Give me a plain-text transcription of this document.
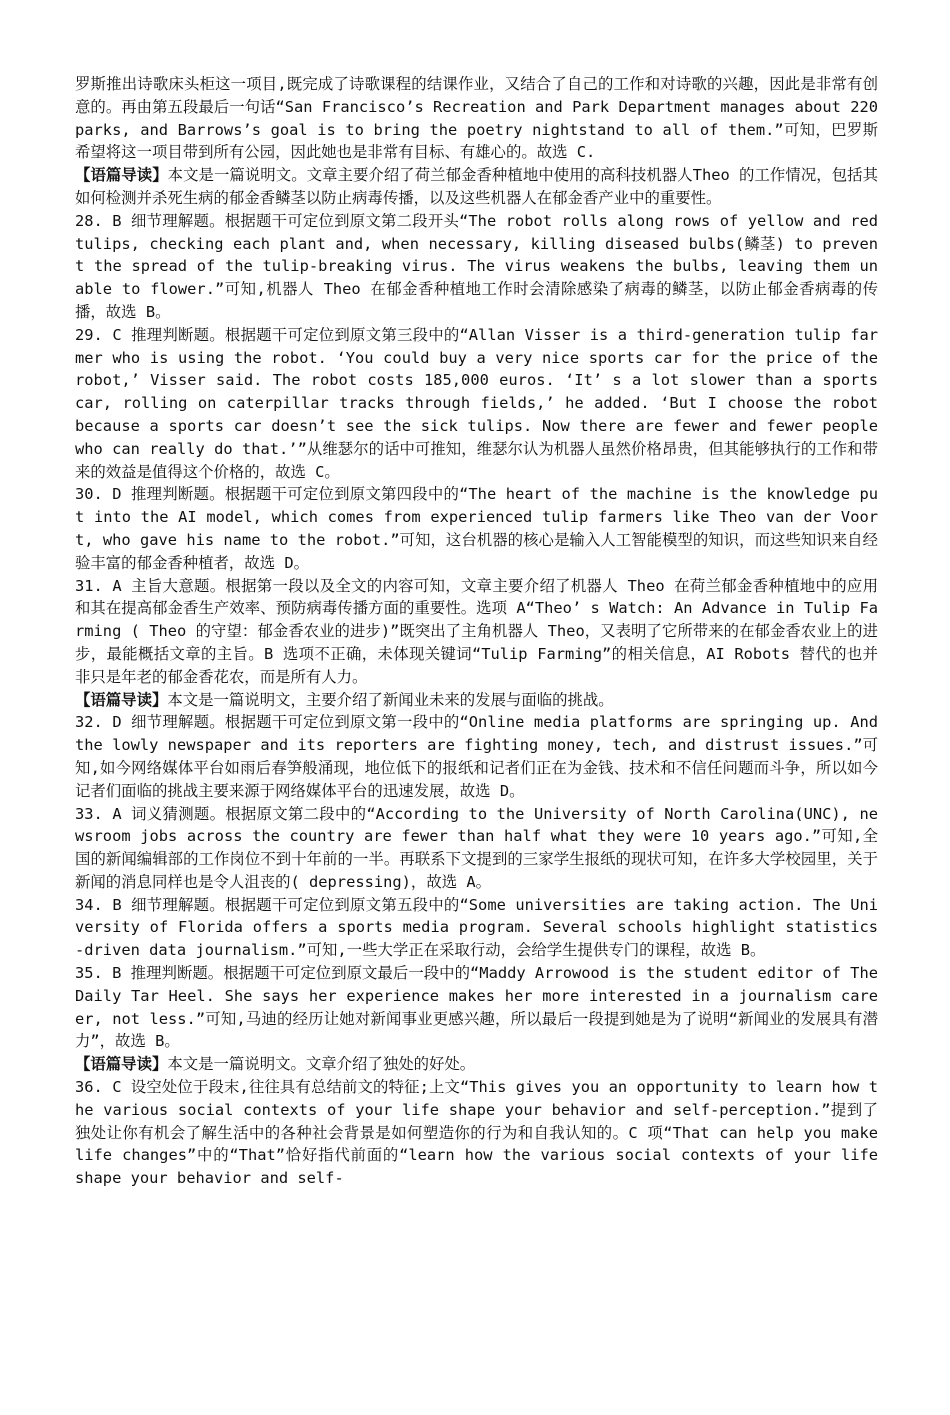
罗斯推出诗歌床头柜这一项目,既完成了诗歌课程的结课作业，又结合了自己的工作和对诗歌的兴趣，因此是非常有创意的。再由第五段最后一句话“San Francisco’s Recreation and Park Department manages about 220 parks, and Barrows’s goal is to bring the poetry nightstand to all of them.”可知，巴罗斯希望将这一项目带到所有公园，因此她也是非常有目标、有雄心的。故选 C.

【语篇导读】本文是一篇说明文。文章主要介绍了荷兰郁金香种植地中使用的高科技机器人Theo 的工作情况，包括其如何检测并杀死生病的郁金香鳞茎以防止病毒传播，以及这些机器人在郁金香产业中的重要性。

28. B 细节理解题。根据题干可定位到原文第二段开头“The robot rolls along rows of yellow and red tulips, checking each plant and, when necessary, killing diseased bulbs(鳞茎) to prevent the spread of the tulip-breaking virus. The virus weakens the bulbs, leaving them unable to flower.”可知,机器人 Theo 在郁金香种植地工作时会清除感染了病毒的鳞茎，以防止郁金香病毒的传播，故选 B。

29. C 推理判断题。根据题干可定位到原文第三段中的“Allan Visser is a third-generation tulip farmer who is using the robot. ‘You could buy a very nice sports car for the price of the robot,’ Visser said. The robot costs 185,000 euros. ‘It’ s a lot slower than a sports car, rolling on caterpillar tracks through fields,’ he added. ‘But I choose the robot because a sports car doesn’t see the sick tulips. Now there are fewer and fewer people who can really do that.’”从维瑟尔的话中可推知，维瑟尔认为机器人虽然价格昂贵，但其能够执行的工作和带来的效益是值得这个价格的，故选 C。

30. D 推理判断题。根据题干可定位到原文第四段中的“The heart of the machine is the knowledge put into the AI model, which comes from experienced tulip farmers like Theo van der Voort, who gave his name to the robot.”可知，这台机器的核心是输入人工智能模型的知识，而这些知识来自经验丰富的郁金香种植者，故选 D。

31. A 主旨大意题。根据第一段以及全文的内容可知，文章主要介绍了机器人 Theo 在荷兰郁金香种植地中的应用和其在提高郁金香生产效率、预防病毒传播方面的重要性。选项 A“Theo’ s Watch: An Advance in Tulip Farming ( Theo 的守望：郁金香农业的进步)”既突出了主角机器人 Theo，又表明了它所带来的在郁金香农业上的进步，最能概括文章的主旨。B 选项不正确，未体现关键词“Tulip Farming”的相关信息，AI Robots 替代的也并非只是年老的郁金香花农，而是所有人力。

【语篇导读】本文是一篇说明文，主要介绍了新闻业未来的发展与面临的挑战。

32. D 细节理解题。根据题干可定位到原文第一段中的“Online media platforms are springing up. And the lowly newspaper and its reporters are fighting money, tech, and distrust issues.”可知,如今网络媒体平台如雨后春笋般涌现，地位低下的报纸和记者们正在为金钱、技术和不信任问题而斗争，所以如今记者们面临的挑战主要来源于网络媒体平台的迅速发展，故选 D。

33. A 词义猜测题。根据原文第二段中的“According to the University of North Carolina(UNC), newsroom jobs across the country are fewer than half what they were 10 years ago.”可知,全国的新闻编辑部的工作岗位不到十年前的一半。再联系下文提到的三家学生报纸的现状可知，在许多大学校园里，关于新闻的消息同样也是令人沮丧的( depressing)，故选 A。

34. B 细节理解题。根据题干可定位到原文第五段中的“Some universities are taking action. The University of Florida offers a sports media program. Several schools highlight statistics-driven data journalism.”可知,一些大学正在采取行动，会给学生提供专门的课程，故选 B。

35. B 推理判断题。根据题干可定位到原文最后一段中的“Maddy Arrowood is the student editor of The Daily Tar Heel. She says her experience makes her more interested in a journalism career, not less.”可知,马迪的经历让她对新闻事业更感兴趣，所以最后一段提到她是为了说明“新闻业的发展具有潜力”，故选 B。

【语篇导读】本文是一篇说明文。文章介绍了独处的好处。

36. C 设空处位于段末,往往具有总结前文的特征;上文“This gives you an opportunity to learn how the various social contexts of your life shape your behavior and self-perception.”提到了独处让你有机会了解生活中的各种社会背景是如何塑造你的行为和自我认知的。C 项“That can help you make life changes”中的“That”恰好指代前面的“learn how the various social contexts of your life shape your behavior and self-
